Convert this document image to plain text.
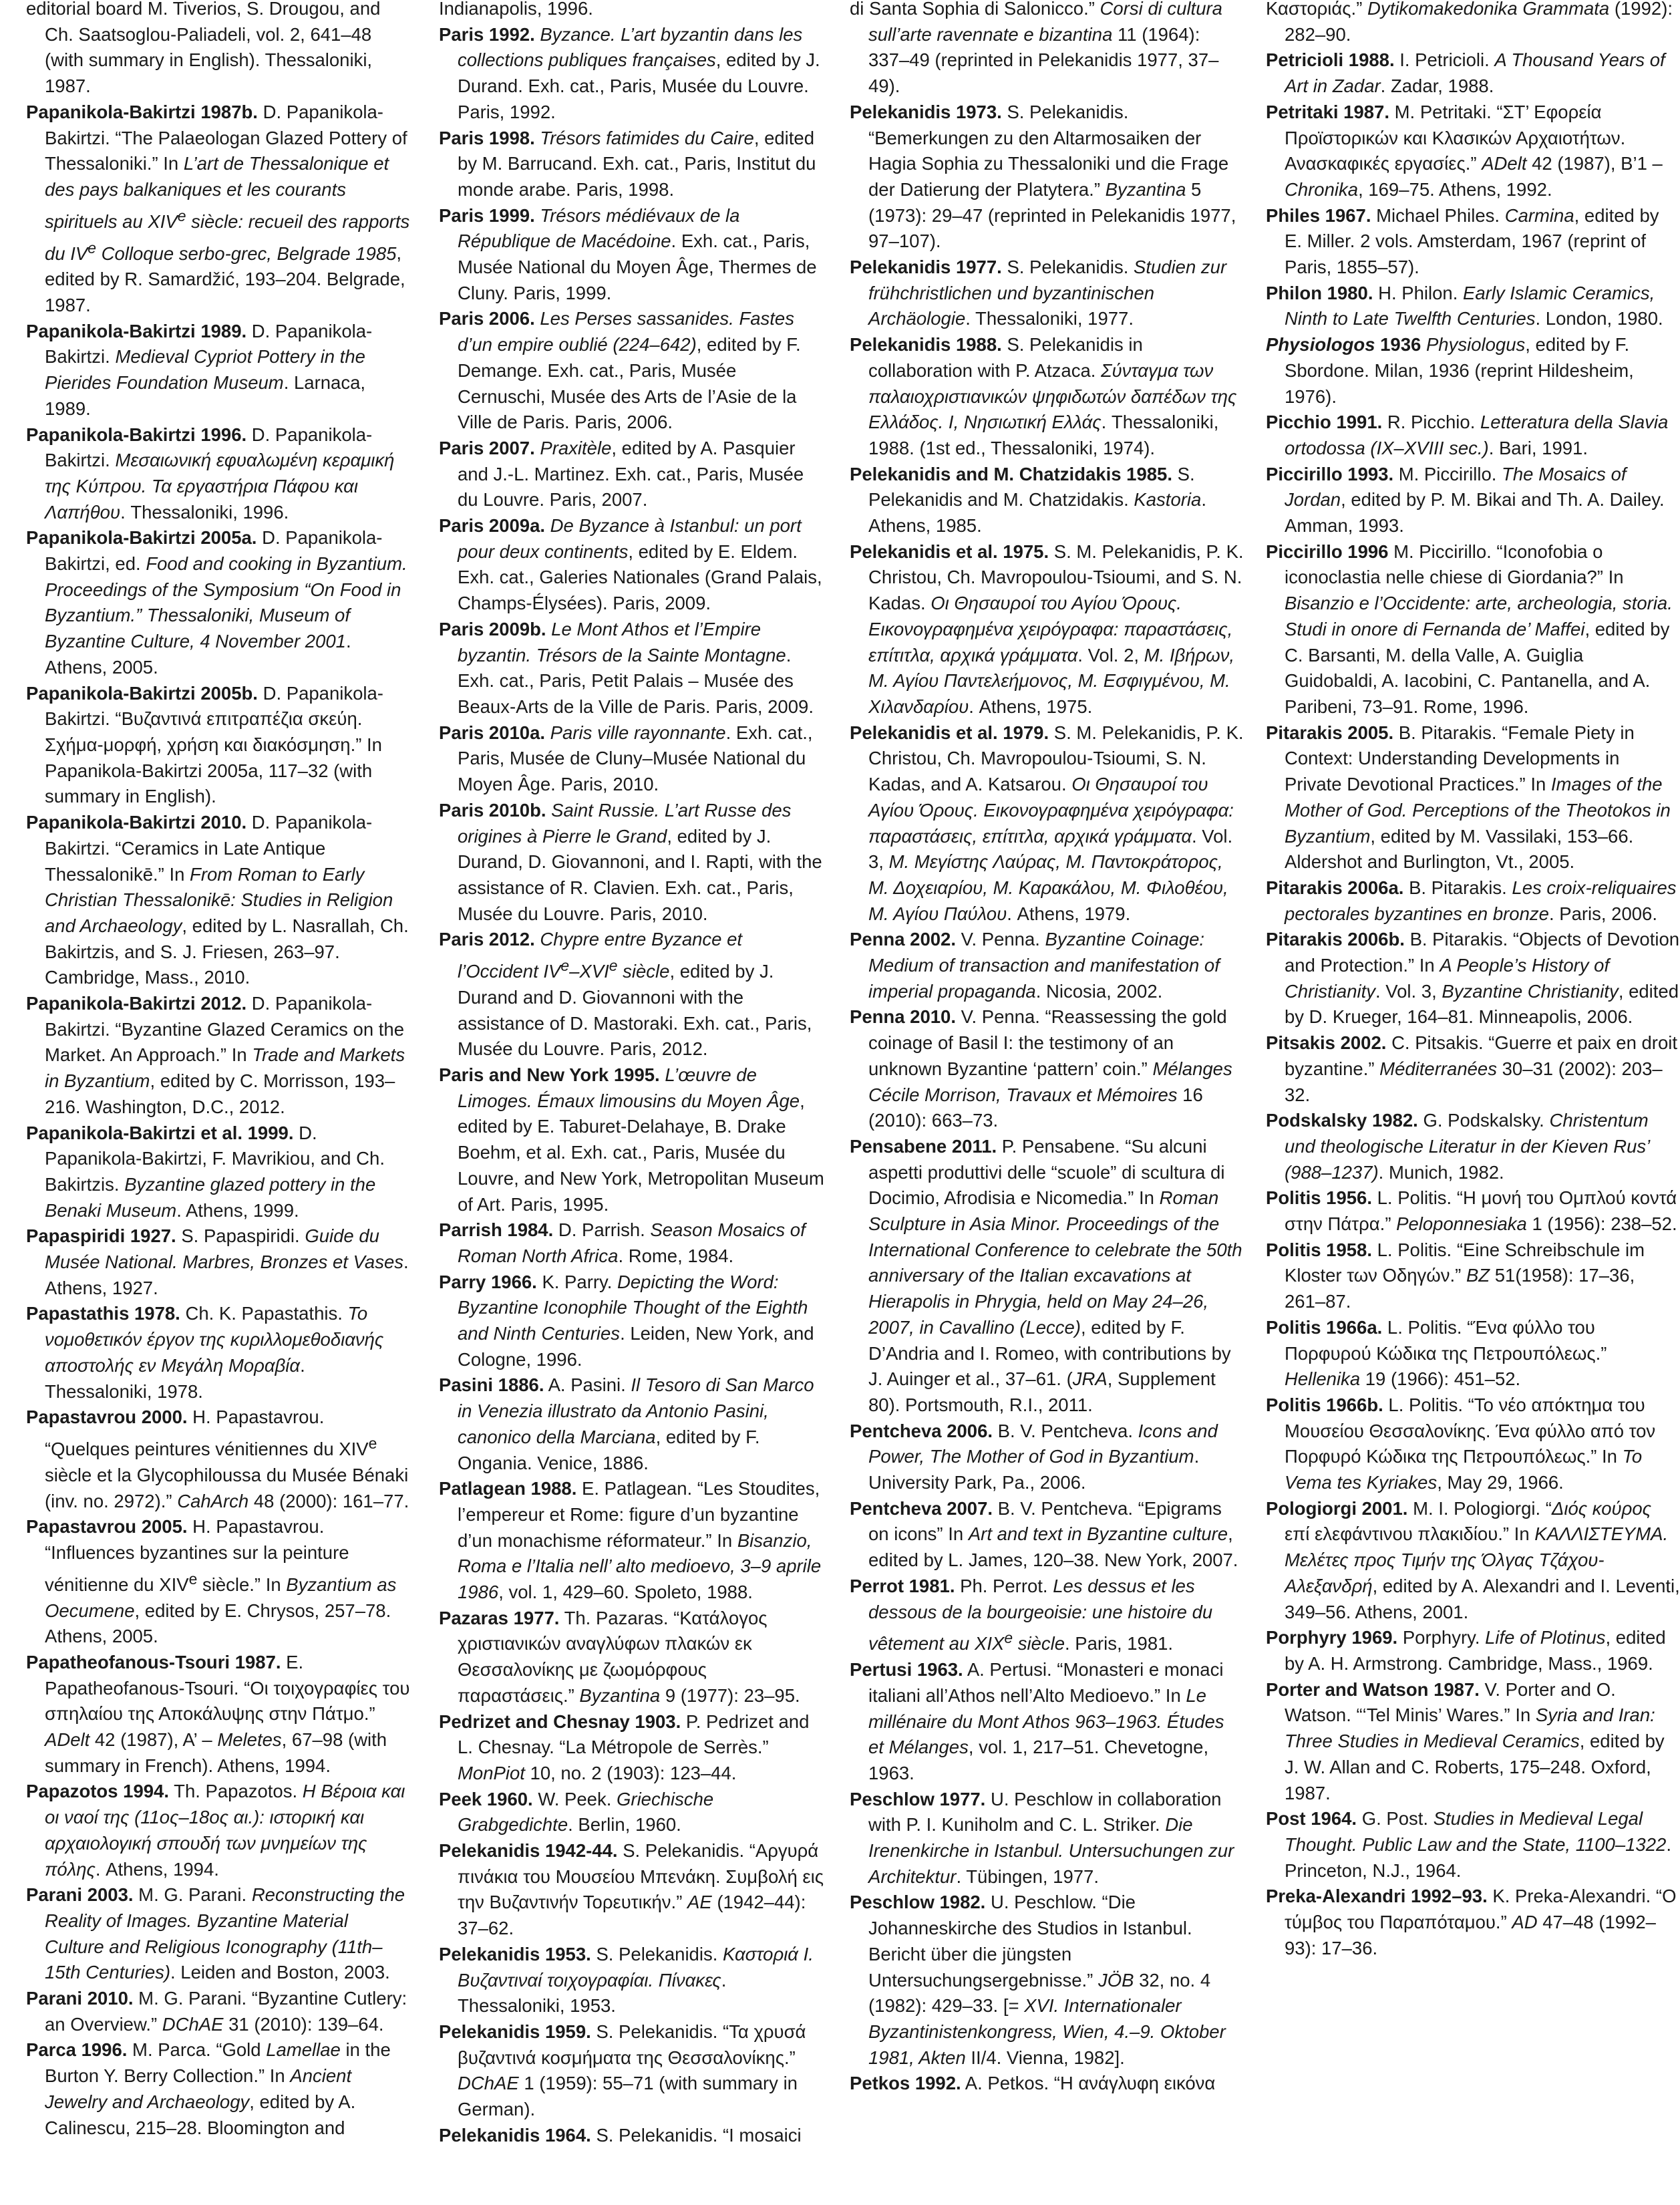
editorial board M. Tiverios, S. Drougou, and Ch. Saatsoglou-Paliadeli, vol. 2, 641–48 (with summary in English). Thessaloniki, 1987.

Papanikola-Bakirtzi 1987b. D. Papanikola-Bakirtzi. “The Palaeologan Glazed Pottery of Thessaloniki.” In L’art de Thessalonique et des pays balkaniques et les courants spirituels au XIVe siècle: recueil des rapports du IVe Colloque serbo-grec, Belgrade 1985, edited by R. Samardžić, 193–204. Belgrade, 1987.

Papanikola-Bakirtzi 1989. D. Papanikola-Bakirtzi. Medieval Cypriot Pottery in the Pierides Foundation Museum. Larnaca, 1989.

Papanikola-Bakirtzi 1996. D. Papanikola-Bakirtzi. Μεσαιωνική εφυαλωμένη κεραμική της Κύπρου. Τα εργαστήρια Πάφου και Λαπήθου. Thessaloniki, 1996.

Papanikola-Bakirtzi 2005a. D. Papanikola-Bakirtzi, ed. Food and cooking in Byzantium. Proceedings of the Symposium “On Food in Byzantium.” Thessaloniki, Museum of Byzantine Culture, 4 November 2001. Athens, 2005.

Papanikola-Bakirtzi 2005b. D. Papanikola-Bakirtzi. “Βυζαντινά επιτραπέζια σκεύη. Σχήμα-μορφή, χρήση και διακόσμηση.” In Papanikola-Bakirtzi 2005a, 117–32 (with summary in English).

Papanikola-Bakirtzi 2010. D. Papanikola-Bakirtzi. “Ceramics in Late Antique Thessalonikē.” In From Roman to Early Christian Thessalonikē: Studies in Religion and Archaeology, edited by L. Nasrallah, Ch. Bakirtzis, and S. J. Friesen, 263–97. Cambridge, Mass., 2010.

Papanikola-Bakirtzi 2012. D. Papanikola-Bakirtzi. “Byzantine Glazed Ceramics on the Market. An Approach.” In Trade and Markets in Byzantium, edited by C. Morrisson, 193–216. Washington, D.C., 2012.

Papanikola-Bakirtzi et al. 1999. D. Papanikola-Bakirtzi, F. Mavrikiou, and Ch. Bakirtzis. Byzantine glazed pottery in the Benaki Museum. Athens, 1999.

Papaspiridi 1927. S. Papaspiridi. Guide du Musée National. Marbres, Bronzes et Vases. Athens, 1927.

Papastathis 1978. Ch. K. Papastathis. Το νομοθετικόν έργον της κυριλλομεθοδιανής αποστολής εν Μεγάλη Μοραβία. Thessaloniki, 1978.

Papastavrou 2000. H. Papastavrou. “Quelques peintures vénitiennes du XIVe siècle et la Glycophiloussa du Musée Bénaki (inv. no. 2972).” CahArch 48 (2000): 161–77.

Papastavrou 2005. H. Papastavrou. “Influences byzantines sur la peinture vénitienne du XIVe siècle.” In Byzantium as Oecumene, edited by E. Chrysos, 257–78. Athens, 2005.

Papatheofanous-Tsouri 1987. E. Papatheofanous-Tsouri. “Οι τοιχογραφίες του σπηλαίου της Αποκάλυψης στην Πάτμο.” ADelt 42 (1987), A’ – Meletes, 67–98 (with summary in French). Athens, 1994.

Papazotos 1994. Th. Papazotos. Η Βέροια και οι ναοί της (11ος–18ος αι.): ιστορική και αρχαιολογική σπουδή των μνημείων της πόλης. Athens, 1994.

Parani 2003. M. G. Parani. Reconstructing the Reality of Images. Byzantine Material Culture and Religious Iconography (11th–15th Centuries). Leiden and Boston, 2003.

Parani 2010. M. G. Parani. “Byzantine Cutlery: an Overview.” DChAE 31 (2010): 139–64.

Parca 1996. M. Parca. “Gold Lamellae in the Burton Y. Berry Collection.” In Ancient Jewelry and Archaeology, edited by A. Calinescu, 215–28. Bloomington and

Indianapolis, 1996.

Paris 1992. Byzance. L’art byzantin dans les collections publiques françaises, edited by J. Durand. Exh. cat., Paris, Musée du Louvre. Paris, 1992.

Paris 1998. Trésors fatimides du Caire, edited by M. Barrucand. Exh. cat., Paris, Institut du monde arabe. Paris, 1998.

Paris 1999. Trésors médiévaux de la République de Macédoine. Exh. cat., Paris, Musée National du Moyen Âge, Thermes de Cluny. Paris, 1999.

Paris 2006. Les Perses sassanides. Fastes d’un empire oublié (224–642), edited by F. Demange. Exh. cat., Paris, Musée Cernuschi, Musée des Arts de l’Asie de la Ville de Paris. Paris, 2006.

Paris 2007. Praxitèle, edited by A. Pasquier and J.-L. Martinez. Exh. cat., Paris, Musée du Louvre. Paris, 2007.

Paris 2009a. De Byzance à Istanbul: un port pour deux continents, edited by E. Eldem. Exh. cat., Galeries Nationales (Grand Palais, Champs-Élysées). Paris, 2009.

Paris 2009b. Le Mont Athos et l’Empire byzantin. Trésors de la Sainte Montagne. Exh. cat., Paris, Petit Palais – Musée des Beaux-Arts de la Ville de Paris. Paris, 2009.

Paris 2010a. Paris ville rayonnante. Exh. cat., Paris, Musée de Cluny–Musée National du Moyen Âge. Paris, 2010.

Paris 2010b. Saint Russie. L’art Russe des origines à Pierre le Grand, edited by J. Durand, D. Giovannoni, and I. Rapti, with the assistance of R. Clavien. Exh. cat., Paris, Musée du Louvre. Paris, 2010.

Paris 2012. Chypre entre Byzance et l’Occident IVe–XVIe siècle, edited by J. Durand and D. Giovannoni with the assistance of D. Mastoraki. Exh. cat., Paris, Musée du Louvre. Paris, 2012.

Paris and New York 1995. L’œuvre de Limoges. Émaux limousins du Moyen Âge, edited by E. Taburet-Delahaye, B. Drake Boehm, et al. Exh. cat., Paris, Musée du Louvre, and New York, Metropolitan Museum of Art. Paris, 1995.

Parrish 1984. D. Parrish. Season Mosaics of Roman North Africa. Rome, 1984.

Parry 1966. K. Parry. Depicting the Word: Byzantine Iconophile Thought of the Eighth and Ninth Centuries. Leiden, New York, and Cologne, 1996.

Pasini 1886. A. Pasini. Il Tesoro di San Marco in Venezia illustrato da Antonio Pasini, canonico della Marciana, edited by F. Ongania. Venice, 1886.

Patlagean 1988. E. Patlagean. “Les Stoudites, l’empereur et Rome: figure d’un byzantine d’un monachisme réformateur.” In Bisanzio, Roma e l’Italia nell’ alto medioevo, 3–9 aprile 1986, vol. 1, 429–60. Spoleto, 1988.

Pazaras 1977. Th. Pazaras. “Κατάλογος χριστιανικών αναγλύφων πλακών εκ Θεσσαλονίκης με ζωομόρφους παραστάσεις.” Byzantina 9 (1977): 23–95.

Pedrizet and Chesnay 1903. P. Pedrizet and L. Chesnay. “La Métropole de Serrès.” MonPiot 10, no. 2 (1903): 123–44.

Peek 1960. W. Peek. Griechische Grabgedichte. Berlin, 1960.

Pelekanidis 1942-44. S. Pelekanidis. “Αργυρά πινάκια του Μουσείου Μπενάκη. Συμβολή εις την Βυζαντινήν Τορευτικήν.” AE (1942–44): 37–62.

Pelekanidis 1953. S. Pelekanidis. Καστοριά Ι. Βυζαντιναί τοιχογραφίαι. Πίνακες. Thessaloniki, 1953.

Pelekanidis 1959. S. Pelekanidis. “Τα χρυσά βυζαντινά κοσμήματα της Θεσσαλονίκης.” DChAE 1 (1959): 55–71 (with summary in German).

Pelekanidis 1964. S. Pelekanidis. “I mosaici

di Santa Sophia di Salonicco.” Corsi di cultura sull’arte ravennate e bizantina 11 (1964): 337–49 (reprinted in Pelekanidis 1977, 37–49).

Pelekanidis 1973. S. Pelekanidis. “Bemerkungen zu den Altarmosaiken der Hagia Sophia zu Thessaloniki und die Frage der Datierung der Platytera.” Byzantina 5 (1973): 29–47 (reprinted in Pelekanidis 1977, 97–107).

Pelekanidis 1977. S. Pelekanidis. Studien zur frühchristlichen und byzantinischen Archäologie. Thessaloniki, 1977.

Pelekanidis 1988. S. Pelekanidis in collaboration with P. Atzaca. Σύνταγμα των παλαιοχριστιανικών ψηφιδωτών δαπέδων της Ελλάδος. Ι, Νησιωτική Ελλάς. Thessaloniki, 1988. (1st ed., Thessaloniki, 1974).

Pelekanidis and M. Chatzidakis 1985. S. Pelekanidis and M. Chatzidakis. Kastoria. Athens, 1985.

Pelekanidis et al. 1975. S. M. Pelekanidis, P. K. Christou, Ch. Mavropoulou-Tsioumi, and S. N. Kadas. Οι Θησαυροί του Αγίου Όρους. Εικονογραφημένα χειρόγραφα: παραστάσεις, επίτιτλα, αρχικά γράμματα. Vol. 2, Μ. Ιβήρων, Μ. Αγίου Παντελεήμονος, Μ. Εσφιγμένου, Μ. Χιλανδαρίου. Athens, 1975.

Pelekanidis et al. 1979. S. M. Pelekanidis, P. K. Christou, Ch. Mavropoulou-Tsioumi, S. N. Kadas, and A. Katsarou. Οι Θησαυροί του Αγίου Όρους. Εικονογραφημένα χειρόγραφα: παραστάσεις, επίτιτλα, αρχικά γράμματα. Vol. 3, Μ. Μεγίστης Λαύρας, Μ. Παντοκράτορος, Μ. Δοχειαρίου, Μ. Καρακάλου, Μ. Φιλοθέου, Μ. Αγίου Παύλου. Athens, 1979.

Penna 2002. V. Penna. Byzantine Coinage: Medium of transaction and manifestation of imperial propaganda. Nicosia, 2002.

Penna 2010. V. Penna. “Reassessing the gold coinage of Basil I: the testimony of an unknown Byzantine ‘pattern’ coin.” Mélanges Cécile Morrison, Travaux et Mémoires 16 (2010): 663–73.

Pensabene 2011. P. Pensabene. “Su alcuni aspetti produttivi delle “scuole” di scultura di Docimio, Afrodisia e Nicomedia.” In Roman Sculpture in Asia Minor. Proceedings of the International Conference to celebrate the 50th anniversary of the Italian excavations at Hierapolis in Phrygia, held on May 24–26, 2007, in Cavallino (Lecce), edited by F. D’Andria and I. Romeo, with contributions by J. Auinger et al., 37–61. (JRA, Supplement 80). Portsmouth, R.I., 2011.

Pentcheva 2006. B. V. Pentcheva. Icons and Power, The Mother of God in Byzantium. University Park, Pa., 2006.

Pentcheva 2007. B. V. Pentcheva. “Epigrams on icons” In Art and text in Byzantine culture, edited by L. James, 120–38. New York, 2007.

Perrot 1981. Ph. Perrot. Les dessus et les dessous de la bourgeoisie: une histoire du vêtement au XIXe siècle. Paris, 1981.

Pertusi 1963. A. Pertusi. “Monasteri e monaci italiani all’Athos nell’Alto Medioevo.” In Le millénaire du Mont Athos 963–1963. Études et Mélanges, vol. 1, 217–51. Chevetogne, 1963.

Peschlow 1977. U. Peschlow in collaboration with P. I. Kuniholm and C. L. Striker. Die Irenenkirche in Istanbul. Untersuchungen zur Architektur. Tübingen, 1977.

Peschlow 1982. U. Peschlow. “Die Johanneskirche des Studios in Istanbul. Bericht über die jüngsten Untersuchungsergebnisse.” JÖB 32, no. 4 (1982): 429–33. [= XVI. Internationaler Byzantinistenkongress, Wien, 4.–9. Oktober 1981, Akten II/4. Vienna, 1982].

Petkos 1992. A. Petkos. “Η ανάγλυφη εικόνα

Καστοριάς.” Dytikomakedonika Grammata (1992): 282–90.

Petricioli 1988. I. Petricioli. A Thousand Years of Art in Zadar. Zadar, 1988.

Petritaki 1987. M. Petritaki. “ΣΤ’ Εφορεία Προϊστορικών και Κλασικών Αρχαιοτήτων. Ανασκαφικές εργασίες.” ADelt 42 (1987), B’1 – Chronika, 169–75. Athens, 1992.

Philes 1967. Michael Philes. Carmina, edited by E. Miller. 2 vols. Amsterdam, 1967 (reprint of Paris, 1855–57).

Philon 1980. H. Philon. Early Islamic Ceramics, Ninth to Late Twelfth Centuries. London, 1980.

Physiologos 1936 Physiologus, edited by F. Sbordone. Milan, 1936 (reprint Hildesheim, 1976).

Picchio 1991. R. Picchio. Letteratura della Slavia ortodossa (IX–XVIII sec.). Bari, 1991.

Piccirillo 1993. M. Piccirillo. The Mosaics of Jordan, edited by P. M. Bikai and Th. A. Dailey. Amman, 1993.

Piccirillo 1996 M. Piccirillo. “Iconofobia o iconoclastia nelle chiese di Giordania?” In Bisanzio e l’Occidente: arte, archeologia, storia. Studi in onore di Fernanda de’ Maffei, edited by C. Barsanti, M. della Valle, A. Guiglia Guidobaldi, A. Iacobini, C. Pantanella, and A. Paribeni, 73–91. Rome, 1996.

Pitarakis 2005. B. Pitarakis. “Female Piety in Context: Understanding Developments in Private Devotional Practices.” In Images of the Mother of God. Perceptions of the Theotokos in Byzantium, edited by M. Vassilaki, 153–66. Aldershot and Burlington, Vt., 2005.

Pitarakis 2006a. B. Pitarakis. Les croix-reliquaires pectorales byzantines en bronze. Paris, 2006.

Pitarakis 2006b. B. Pitarakis. “Objects of Devotion and Protection.” In A People’s History of Christianity. Vol. 3, Byzantine Christianity, edited by D. Krueger, 164–81. Minneapolis, 2006.

Pitsakis 2002. C. Pitsakis. “Guerre et paix en droit byzantine.” Méditerranées 30–31 (2002): 203–32.

Podskalsky 1982. G. Podskalsky. Christentum und theologische Literatur in der Kieven Rus’ (988–1237). Munich, 1982.

Politis 1956. L. Politis. “Η μονή του Ομπλού κοντά στην Πάτρα.” Peloponnesiaka 1 (1956): 238–52.

Politis 1958. L. Politis. “Eine Schreibschule im Kloster των Οδηγών.” BZ 51(1958): 17–36, 261–87.

Politis 1966a. L. Politis. “Ένα φύλλο του Πορφυρού Κώδικα της Πετρουπόλεως.” Hellenika 19 (1966): 451–52.

Politis 1966b. L. Politis. “Το νέο απόκτημα του Μουσείου Θεσσαλονίκης. Ένα φύλλο από τον Πορφυρό Κώδικα της Πετρουπόλεως.” In To Vema tes Kyriakes, May 29, 1966.

Pologiorgi 2001. M. I. Pologiorgi. “Διός κούρος επί ελεφάντινου πλακιδίου.” In ΚΑΛΛΙΣΤΕΥΜΑ. Μελέτες προς Τιμήν της Όλγας Τζάχου-Αλεξανδρή, edited by A. Alexandri and I. Leventi, 349–56. Athens, 2001.

Porphyry 1969. Porphyry. Life of Plotinus, edited by A. H. Armstrong. Cambridge, Mass., 1969.

Porter and Watson 1987. V. Porter and O. Watson. “‘Tel Minis’ Wares.” In Syria and Iran: Three Studies in Medieval Ceramics, edited by J. W. Allan and C. Roberts, 175–248. Oxford, 1987.

Post 1964. G. Post. Studies in Medieval Legal Thought. Public Law and the State, 1100–1322. Princeton, N.J., 1964.

Preka-Alexandri 1992–93. K. Preka-Alexandri. “Ο τύμβος του Παραπόταμου.” AD 47–48 (1992–93): 17–36.
